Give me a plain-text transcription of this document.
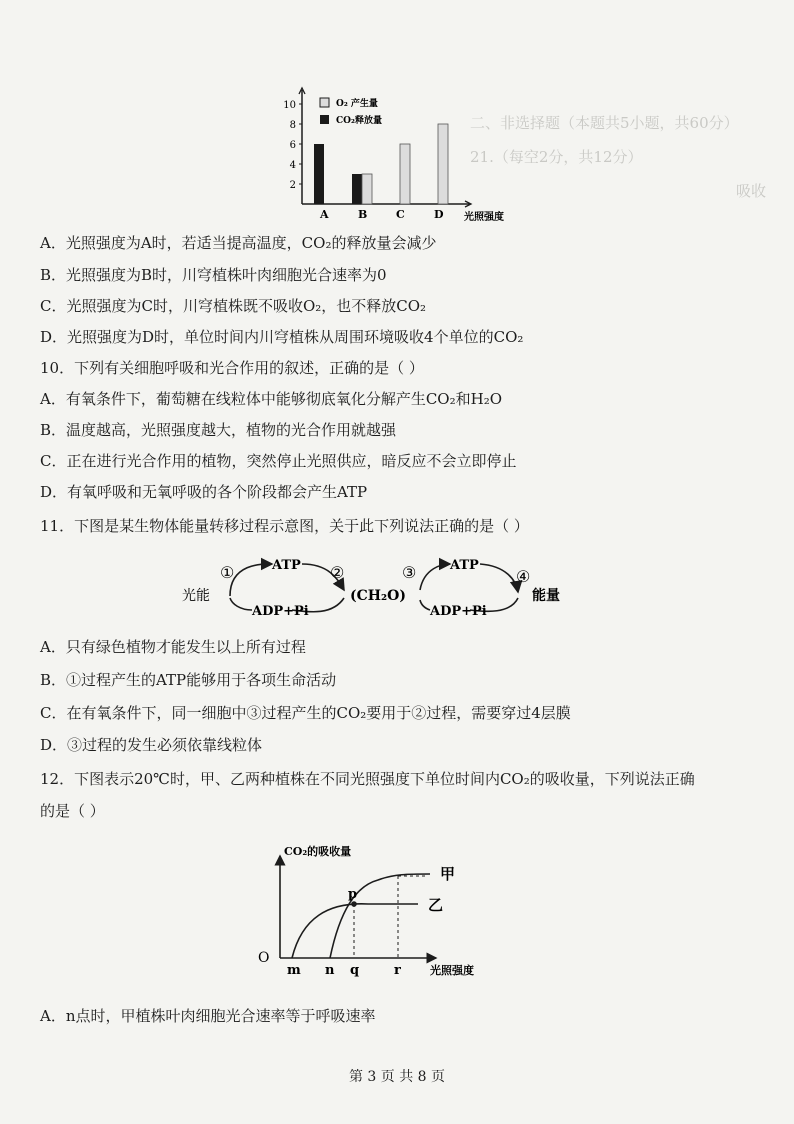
二、非选择题（本题共5小题，共60分）
21.（每空2分，共12分）
吸收
2
4
6
8
10
A	B	C	D 光照强度
O₂ 产生量
CO₂释放量
A．光照强度为A时，若适当提高温度，CO₂的释放量会减少
B．光照强度为B时，川穹植株叶肉细胞光合速率为0
C．光照强度为C时，川穹植株既不吸收O₂，也不释放CO₂
D．光照强度为D时，单位时间内川穹植株从周围环境吸收4个单位的CO₂
10．下列有关细胞呼吸和光合作用的叙述，正确的是（ ）
A．有氧条件下，葡萄糖在线粒体中能够彻底氧化分解产生CO₂和H₂O
B．温度越高，光照强度越大，植物的光合作用就越强
C．正在进行光合作用的植物，突然停止光照供应，暗反应不会立即停止
D．有氧呼吸和无氧呼吸的各个阶段都会产生ATP
11．下图是某生物体能量转移过程示意图，关于此下列说法正确的是（ ）
光能
①	ATP ②
ADP+Pi
(CH₂O)
③	ATP
④
ADP+Pi
能量
A．只有绿色植物才能发生以上所有过程
B．①过程产生的ATP能够用于各项生命活动
C．在有氧条件下，同一细胞中③过程产生的CO₂要用于②过程，需要穿过4层膜
D．③过程的发生必须依靠线粒体
12．下图表示20℃时，甲、乙两种植株在不同光照强度下单位时间内CO₂的吸收量，下列说法正确
的是（ ）
CO₂的吸收量
O
m n q	r	光照强度
p
甲
乙
A．n点时，甲植株叶肉细胞光合速率等于呼吸速率
第 3 页 共 8 页
